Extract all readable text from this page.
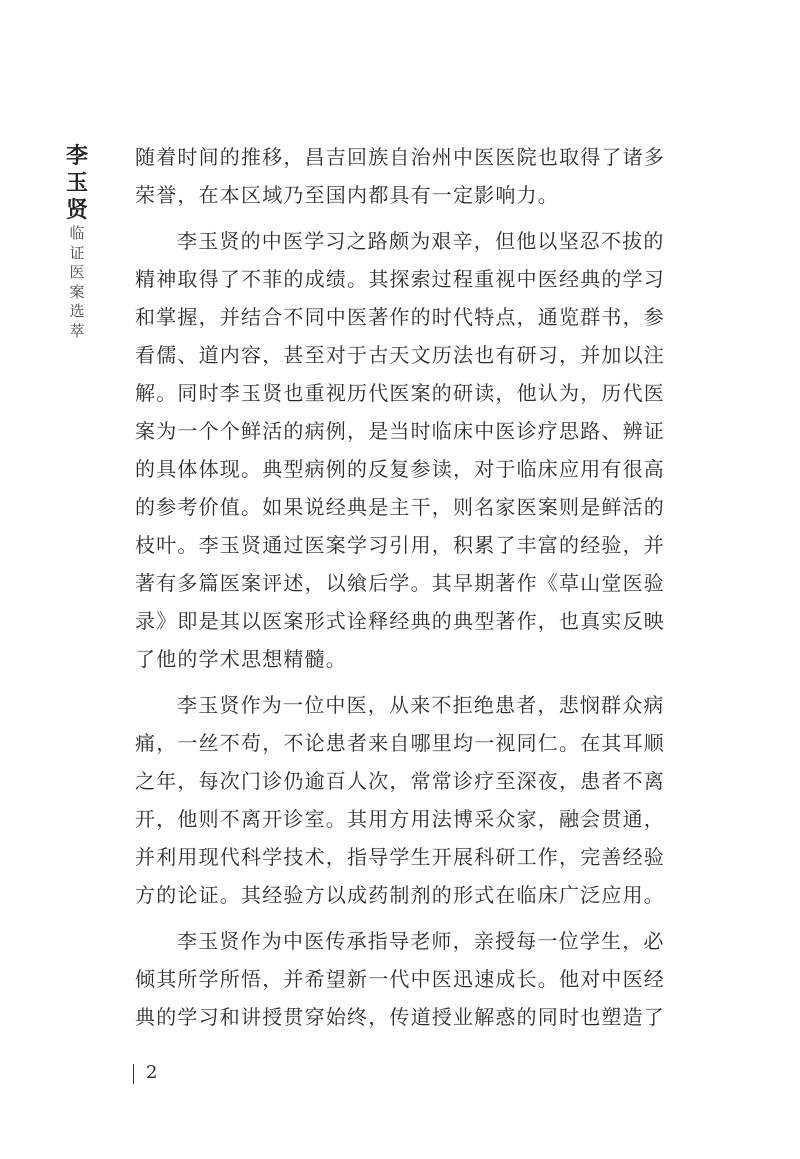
李
玉
贤
临
证
医
案
选
萃
随着时间的推移，昌吉回族自治州中医医院也取得了诸多
荣誉，在本区域乃至国内都具有一定影响力。
李玉贤的中医学习之路颇为艰辛，但他以坚忍不拔的
精神取得了不菲的成绩。其探索过程重视中医经典的学习
和掌握，并结合不同中医著作的时代特点，通览群书，参
看儒、道内容，甚至对于古天文历法也有研习，并加以注
解。同时李玉贤也重视历代医案的研读，他认为，历代医
案为一个个鲜活的病例，是当时临床中医诊疗思路、辨证
的具体体现。典型病例的反复参读，对于临床应用有很高
的参考价值。如果说经典是主干，则名家医案则是鲜活的
枝叶。李玉贤通过医案学习引用，积累了丰富的经验，并
著有多篇医案评述，以飨后学。其早期著作《草山堂医验
录》即是其以医案形式诠释经典的典型著作，也真实反映
了他的学术思想精髓。
李玉贤作为一位中医，从来不拒绝患者，悲悯群众病
痛，一丝不苟，不论患者来自哪里均一视同仁。在其耳顺
之年，每次门诊仍逾百人次，常常诊疗至深夜，患者不离
开，他则不离开诊室。其用方用法博采众家，融会贯通，
并利用现代科学技术，指导学生开展科研工作，完善经验
方的论证。其经验方以成药制剂的形式在临床广泛应用。
李玉贤作为中医传承指导老师，亲授每一位学生，必
倾其所学所悟，并希望新一代中医迅速成长。他对中医经
典的学习和讲授贯穿始终，传道授业解惑的同时也塑造了
2
